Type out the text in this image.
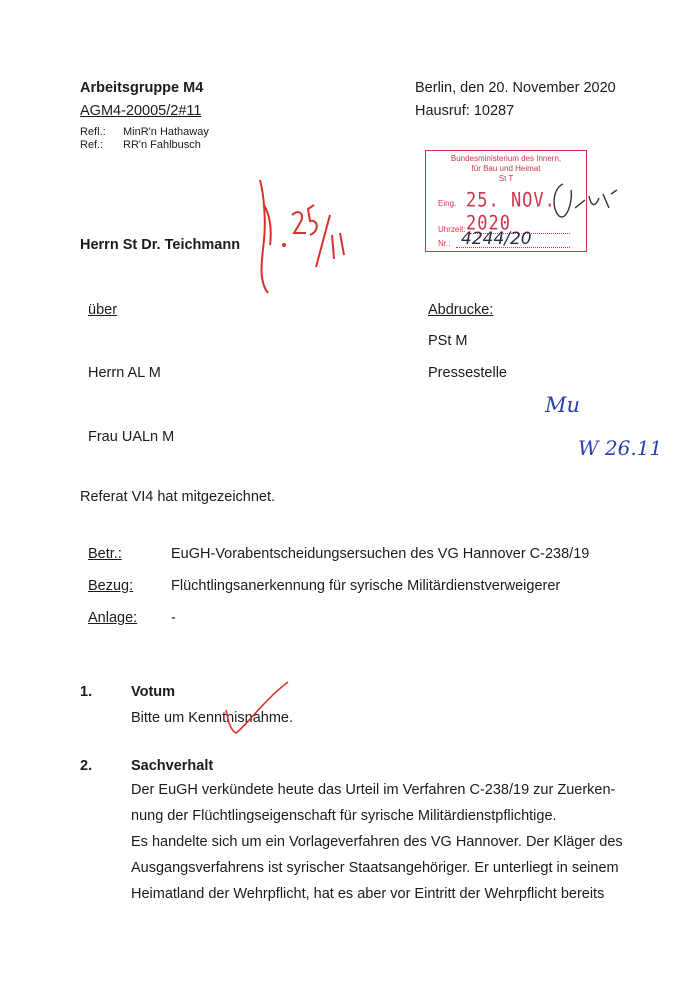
Arbeitsgruppe M4
AGM4-20005/2#11
Refl.: MinR'n Hathaway
Ref.: RR'n Fahlbusch
Berlin, den 20. November 2020
Hausruf: 10287
Bundesministerium des Innern,
für Bau und Heimat
St T
Eing. 25. NOV. 2020
Uhrzeit:
Nr.: 4244/20
Herrn St Dr. Teichmann
über
Herrn AL M
Frau UALn M
Abdrucke:
PSt M
Pressestelle
Mu
W 26.11
Referat VI4 hat mitgezeichnet.
Betr.:	EuGH-Vorabentscheidungsersuchen des VG Hannover C-238/19
Bezug:	Flüchtlingsanerkennung für syrische Militärdienstverweigerer
Anlage: -
1.	Votum
Bitte um Kenntnisnahme.
2.	Sachverhalt
Der EuGH verkündete heute das Urteil im Verfahren C-238/19 zur Zuerken-
nung der Flüchtlingseigenschaft für syrische Militärdienstpflichtige.
Es handelte sich um ein Vorlageverfahren des VG Hannover. Der Kläger des
Ausgangsverfahrens ist syrischer Staatsangehöriger. Er unterliegt in seinem
Heimatland der Wehrpflicht, hat es aber vor Eintritt der Wehrpflicht bereits
